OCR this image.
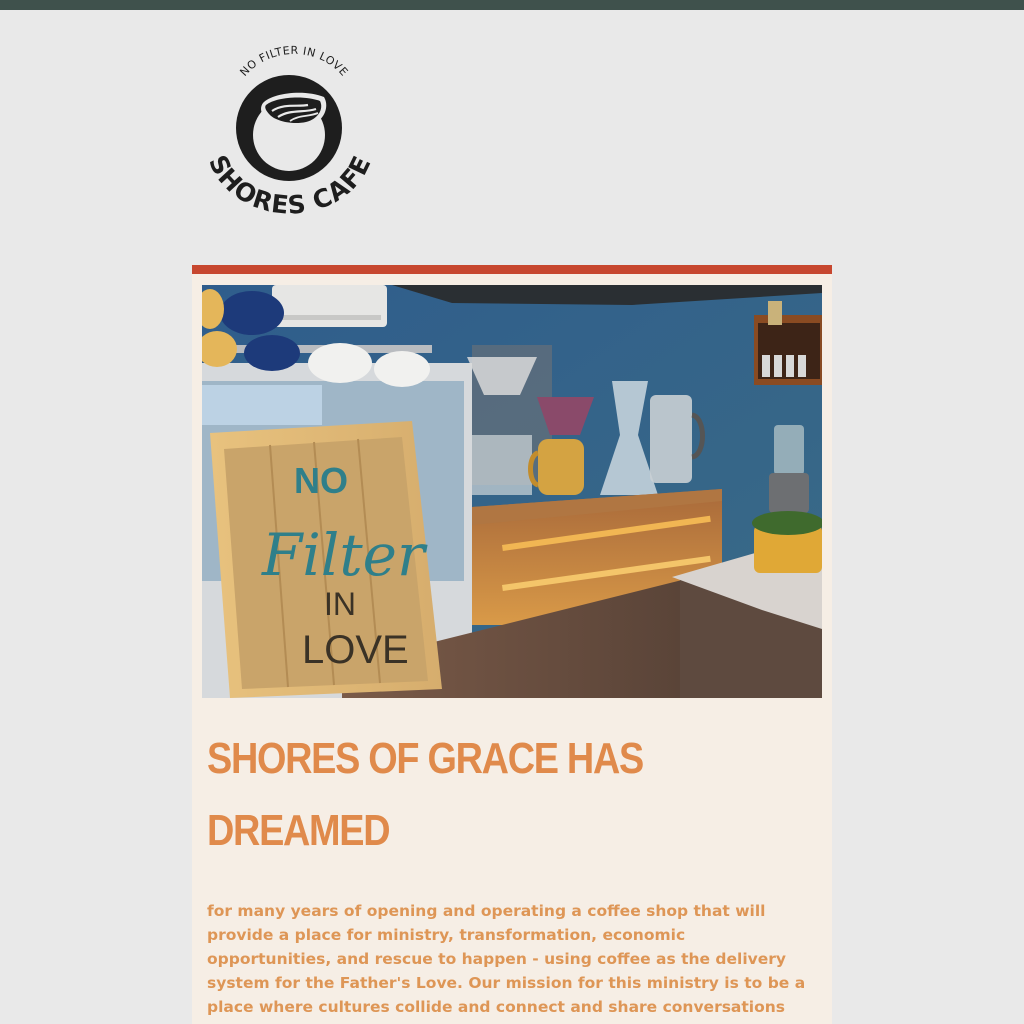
NO FILTER IN LOVE
SHORES CAFE
NO
Filter
IN
LOVE
SHORES OF GRACE HAS DREAMED

for many years of opening and operating a coffee shop that will provide a place for ministry, transformation, economic opportunities, and rescue to happen - using coffee as the delivery system for the Father's Love. Our mission for this ministry is to be a place where cultures collide and connect and share conversations
